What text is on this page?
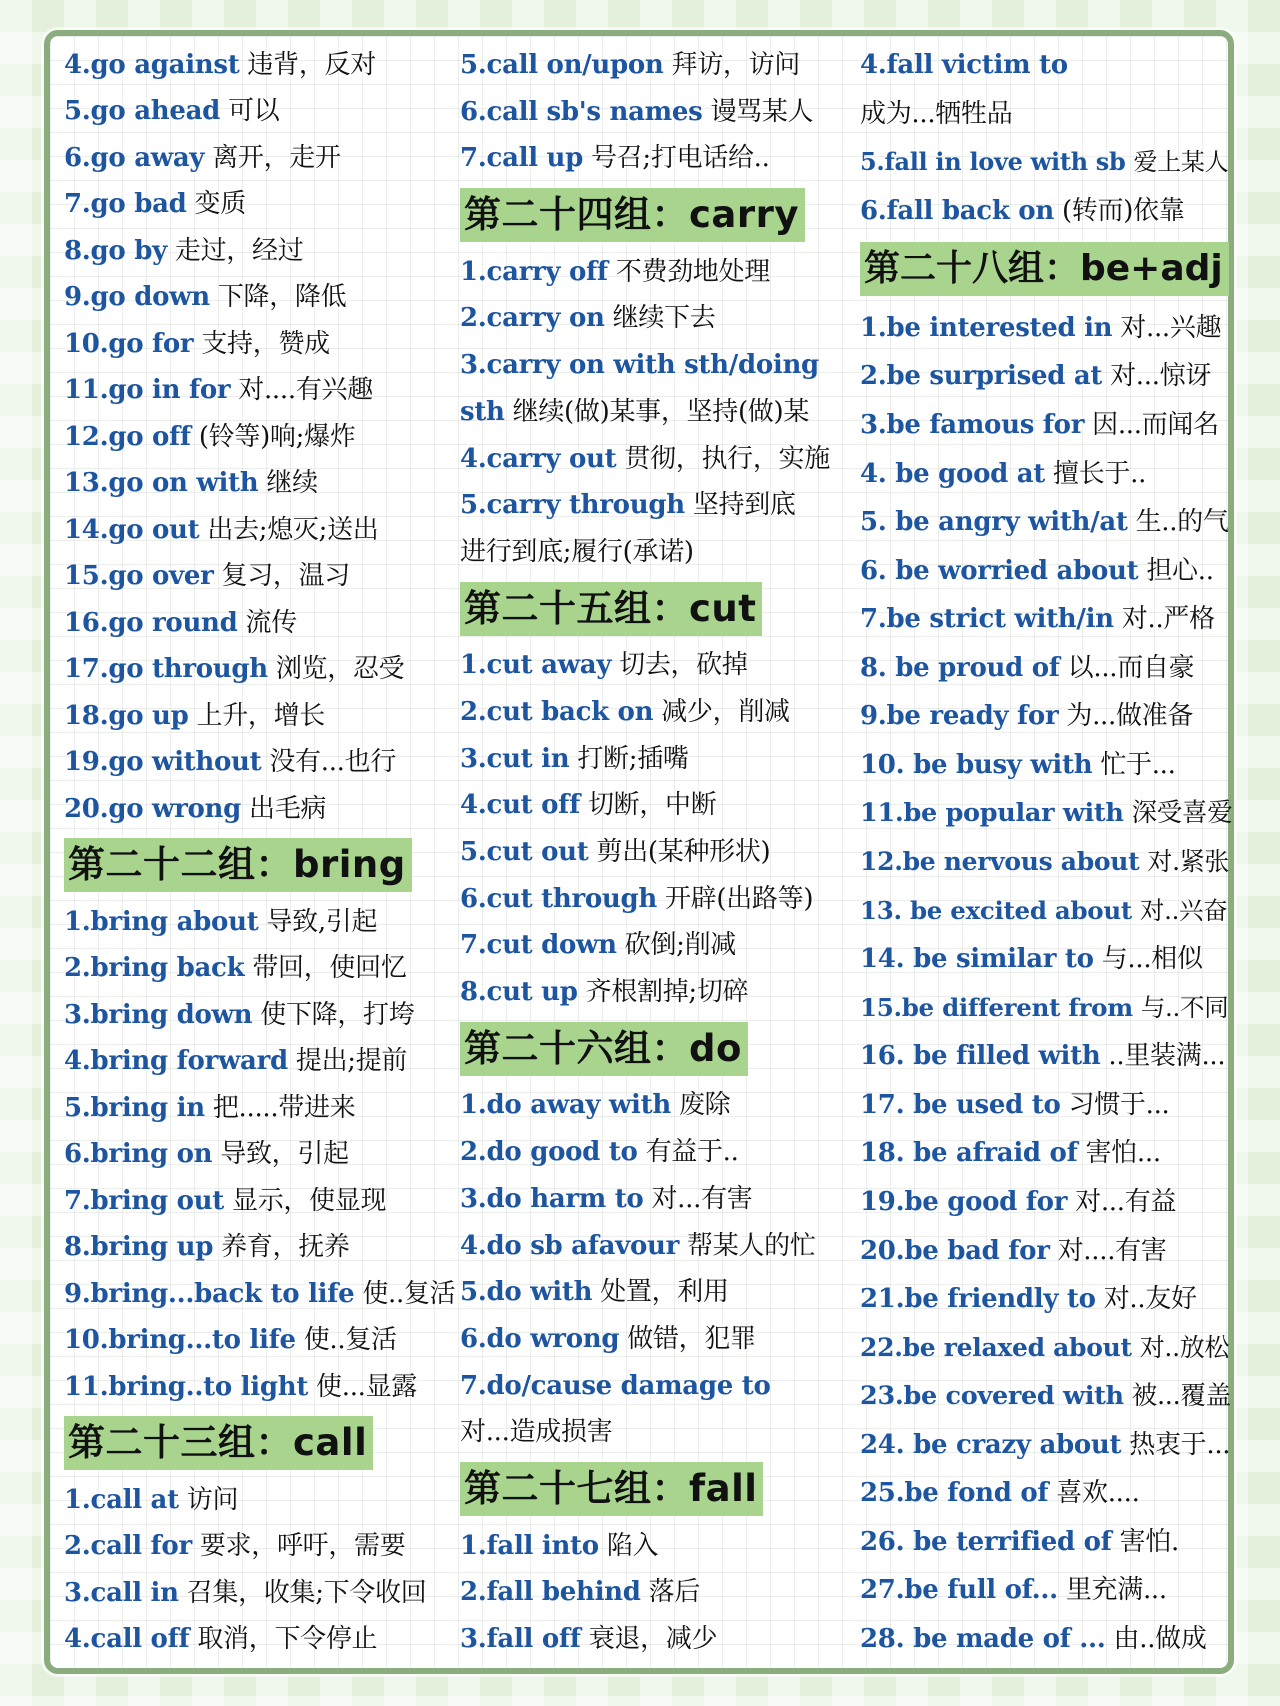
4.go against 违背，反对
5.go ahead 可以
6.go away 离开，走开
7.go bad 变质
8.go by 走过，经过
9.go down 下降，降低
10.go for 支持，赞成
11.go in for 对....有兴趣
12.go off (铃等)响;爆炸
13.go on with 继续
14.go out 出去;熄灭;送出
15.go over 复习，温习
16.go round 流传
17.go through 浏览，忍受
18.go up 上升，增长
19.go without 没有...也行
20.go wrong 出毛病
第二十二组：bring
1.bring about 导致,引起
2.bring back 带回，使回忆
3.bring down 使下降，打垮
4.bring forward 提出;提前
5.bring in 把.....带进来
6.bring on 导致，引起
7.bring out 显示，使显现
8.bring up 养育，抚养
9.bring...back to life 使..复活
10.bring...to life 使..复活
11.bring..to light 使...显露
第二十三组：call
1.call at 访问
2.call for 要求，呼吁，需要
3.call in 召集，收集;下令收回
4.call off 取消，下令停止
5.call on/upon 拜访，访问
6.call sb's names 谩骂某人
7.call up 号召;打电话给..
第二十四组：carry
1.carry off 不费劲地处理
2.carry on 继续下去
3.carry on with sth/doing
sth 继续(做)某事，坚持(做)某
4.carry out 贯彻，执行，实施
5.carry through 坚持到底
进行到底;履行(承诺)
第二十五组：cut
1.cut away 切去，砍掉
2.cut back on 减少，削减
3.cut in 打断;插嘴
4.cut off 切断，中断
5.cut out 剪出(某种形状)
6.cut through 开辟(出路等)
7.cut down 砍倒;削减
8.cut up 齐根割掉;切碎
第二十六组：do
1.do away with 废除
2.do good to 有益于..
3.do harm to 对...有害
4.do sb afavour 帮某人的忙
5.do with 处置，利用
6.do wrong 做错，犯罪
7.do/cause damage to
对...造成损害
第二十七组：fall
1.fall into 陷入
2.fall behind 落后
3.fall off 衰退，减少
4.fall victim to
成为...牺牲品
5.fall in love with sb 爱上某人
6.fall back on (转而)依靠
第二十八组：be+adj
1.be interested in 对...兴趣
2.be surprised at 对...惊讶
3.be famous for 因...而闻名
4. be good at 擅长于..
5. be angry with/at 生..的气
6. be worried about 担心..
7.be strict with/in 对..严格
8. be proud of 以...而自豪
9.be ready for 为...做准备
10. be busy with 忙于...
11.be popular with 深受喜爱
12.be nervous about 对.紧张
13. be excited about 对..兴奋
14. be similar to 与...相似
15.be different from 与..不同
16. be filled with ..里装满...
17. be used to 习惯于...
18. be afraid of 害怕...
19.be good for 对...有益
20.be bad for 对....有害
21.be friendly to 对..友好
22.be relaxed about 对..放松
23.be covered with 被...覆盖
24. be crazy about 热衷于...
25.be fond of 喜欢....
26. be terrified of 害怕.
27.be full of... 里充满...
28. be made of ... 由..做成
